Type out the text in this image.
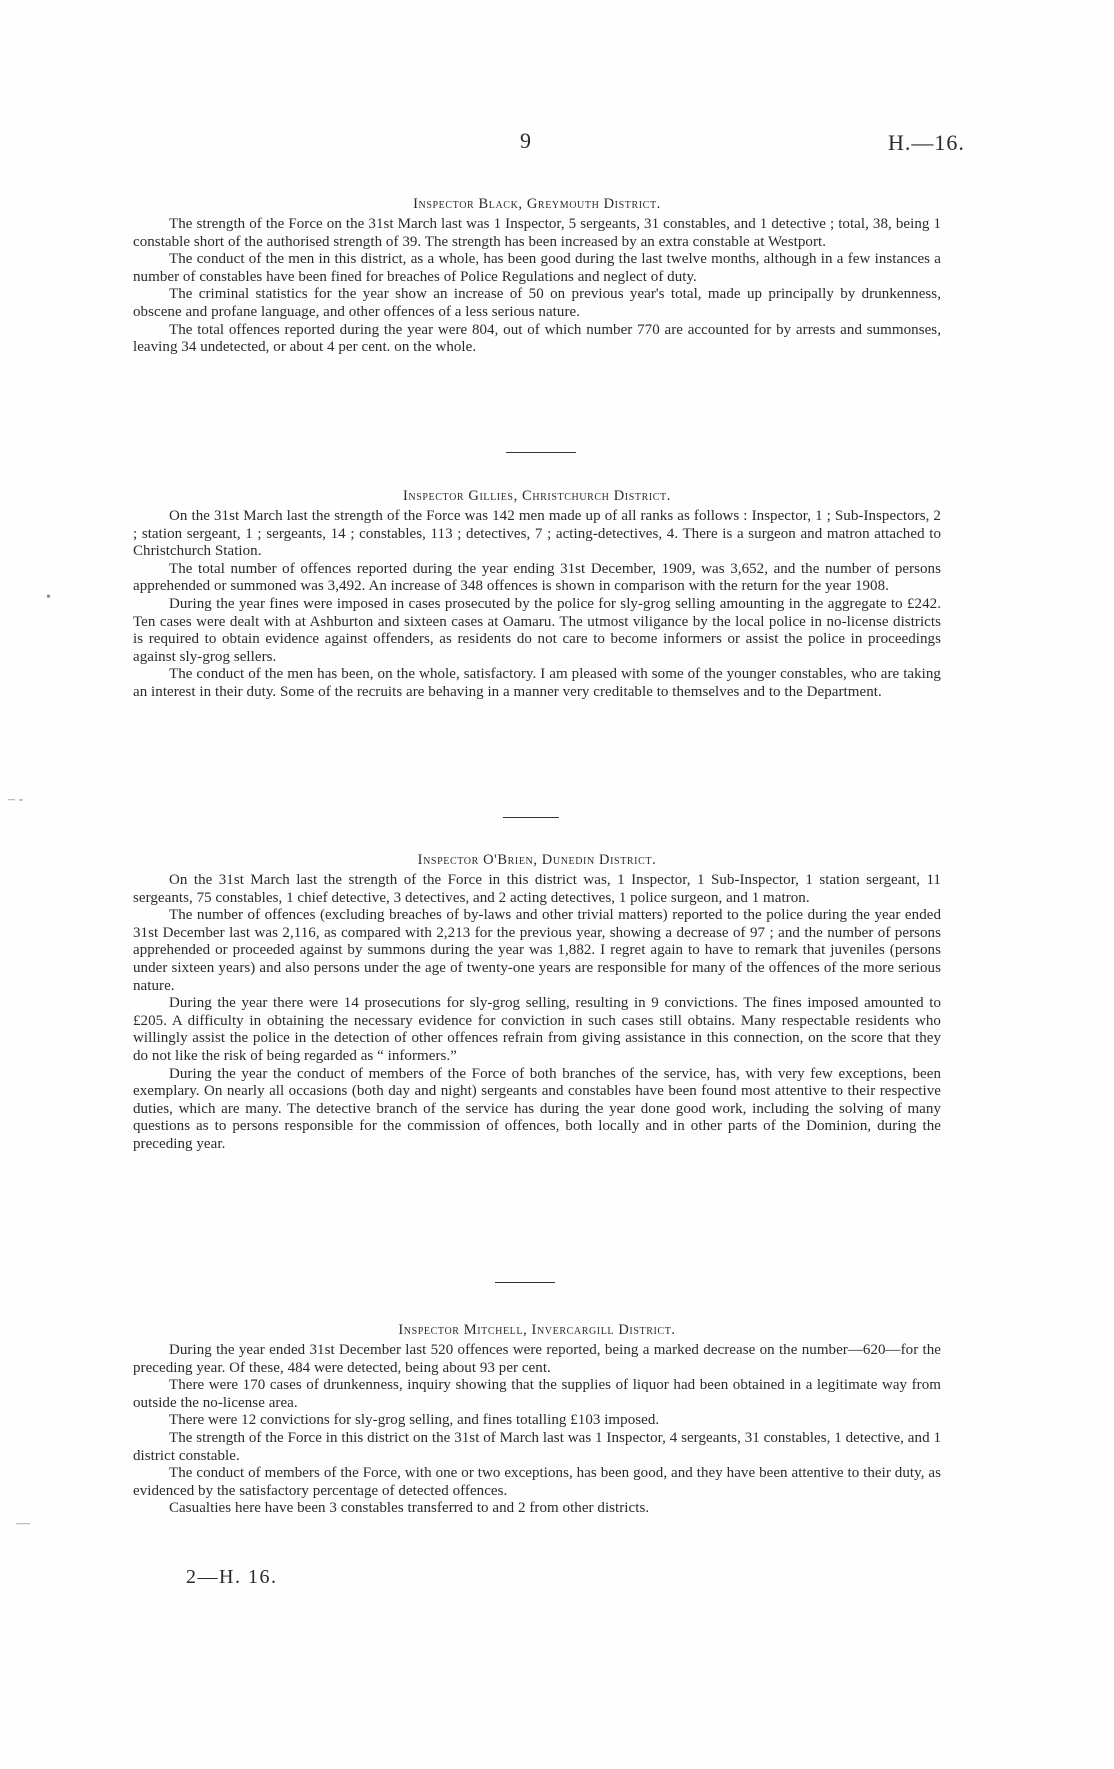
9	H.—16.
Inspector Black, Greymouth District.

The strength of the Force on the 31st March last was 1 Inspector, 5 sergeants, 31 constables, and 1 detective ; total, 38, being 1 constable short of the authorised strength of 39. The strength has been increased by an extra constable at Westport.

The conduct of the men in this district, as a whole, has been good during the last twelve months, although in a few instances a number of constables have been fined for breaches of Police Regulations and neglect of duty.

The criminal statistics for the year show an increase of 50 on previous year's total, made up principally by drunkenness, obscene and profane language, and other offences of a less serious nature.

The total offences reported during the year were 804, out of which number 770 are accounted for by arrests and summonses, leaving 34 undetected, or about 4 per cent. on the whole.

Inspector Gillies, Christchurch District.

On the 31st March last the strength of the Force was 142 men made up of all ranks as follows : Inspector, 1 ; Sub-Inspectors, 2 ; station sergeant, 1 ; sergeants, 14 ; constables, 113 ; detectives, 7 ; acting-detectives, 4. There is a surgeon and matron attached to Christchurch Station.

The total number of offences reported during the year ending 31st December, 1909, was 3,652, and the number of persons apprehended or summoned was 3,492. An increase of 348 offences is shown in comparison with the return for the year 1908.

During the year fines were imposed in cases prosecuted by the police for sly-grog selling amounting in the aggregate to £242. Ten cases were dealt with at Ashburton and sixteen cases at Oamaru. The utmost viligance by the local police in no-license districts is required to obtain evidence against offenders, as residents do not care to become informers or assist the police in proceedings against sly-grog sellers.

The conduct of the men has been, on the whole, satisfactory. I am pleased with some of the younger constables, who are taking an interest in their duty. Some of the recruits are behaving in a manner very creditable to themselves and to the Department.

Inspector O'Brien, Dunedin District.

On the 31st March last the strength of the Force in this district was, 1 Inspector, 1 Sub-Inspector, 1 station sergeant, 11 sergeants, 75 constables, 1 chief detective, 3 detectives, and 2 acting detectives, 1 police surgeon, and 1 matron.

The number of offences (excluding breaches of by-laws and other trivial matters) reported to the police during the year ended 31st December last was 2,116, as compared with 2,213 for the previous year, showing a decrease of 97 ; and the number of persons apprehended or proceeded against by summons during the year was 1,882. I regret again to have to remark that juveniles (persons under sixteen years) and also persons under the age of twenty-one years are responsible for many of the offences of the more serious nature.

During the year there were 14 prosecutions for sly-grog selling, resulting in 9 convictions. The fines imposed amounted to £205. A difficulty in obtaining the necessary evidence for conviction in such cases still obtains. Many respectable residents who willingly assist the police in the detection of other offences refrain from giving assistance in this connection, on the score that they do not like the risk of being regarded as “ informers.”

During the year the conduct of members of the Force of both branches of the service, has, with very few exceptions, been exemplary. On nearly all occasions (both day and night) sergeants and constables have been found most attentive to their respective duties, which are many. The detective branch of the service has during the year done good work, including the solving of many questions as to persons responsible for the commission of offences, both locally and in other parts of the Dominion, during the preceding year.

Inspector Mitchell, Invercargill District.

During the year ended 31st December last 520 offences were reported, being a marked decrease on the number—620—for the preceding year. Of these, 484 were detected, being about 93 per cent.

There were 170 cases of drunkenness, inquiry showing that the supplies of liquor had been obtained in a legitimate way from outside the no-license area.

There were 12 convictions for sly-grog selling, and fines totalling £103 imposed.

The strength of the Force in this district on the 31st of March last was 1 Inspector, 4 sergeants, 31 constables, 1 detective, and 1 district constable.

The conduct of members of the Force, with one or two exceptions, has been good, and they have been attentive to their duty, as evidenced by the satisfactory percentage of detected offences.

Casualties here have been 3 constables transferred to and 2 from other districts.

2—H. 16.
•
– -
—
